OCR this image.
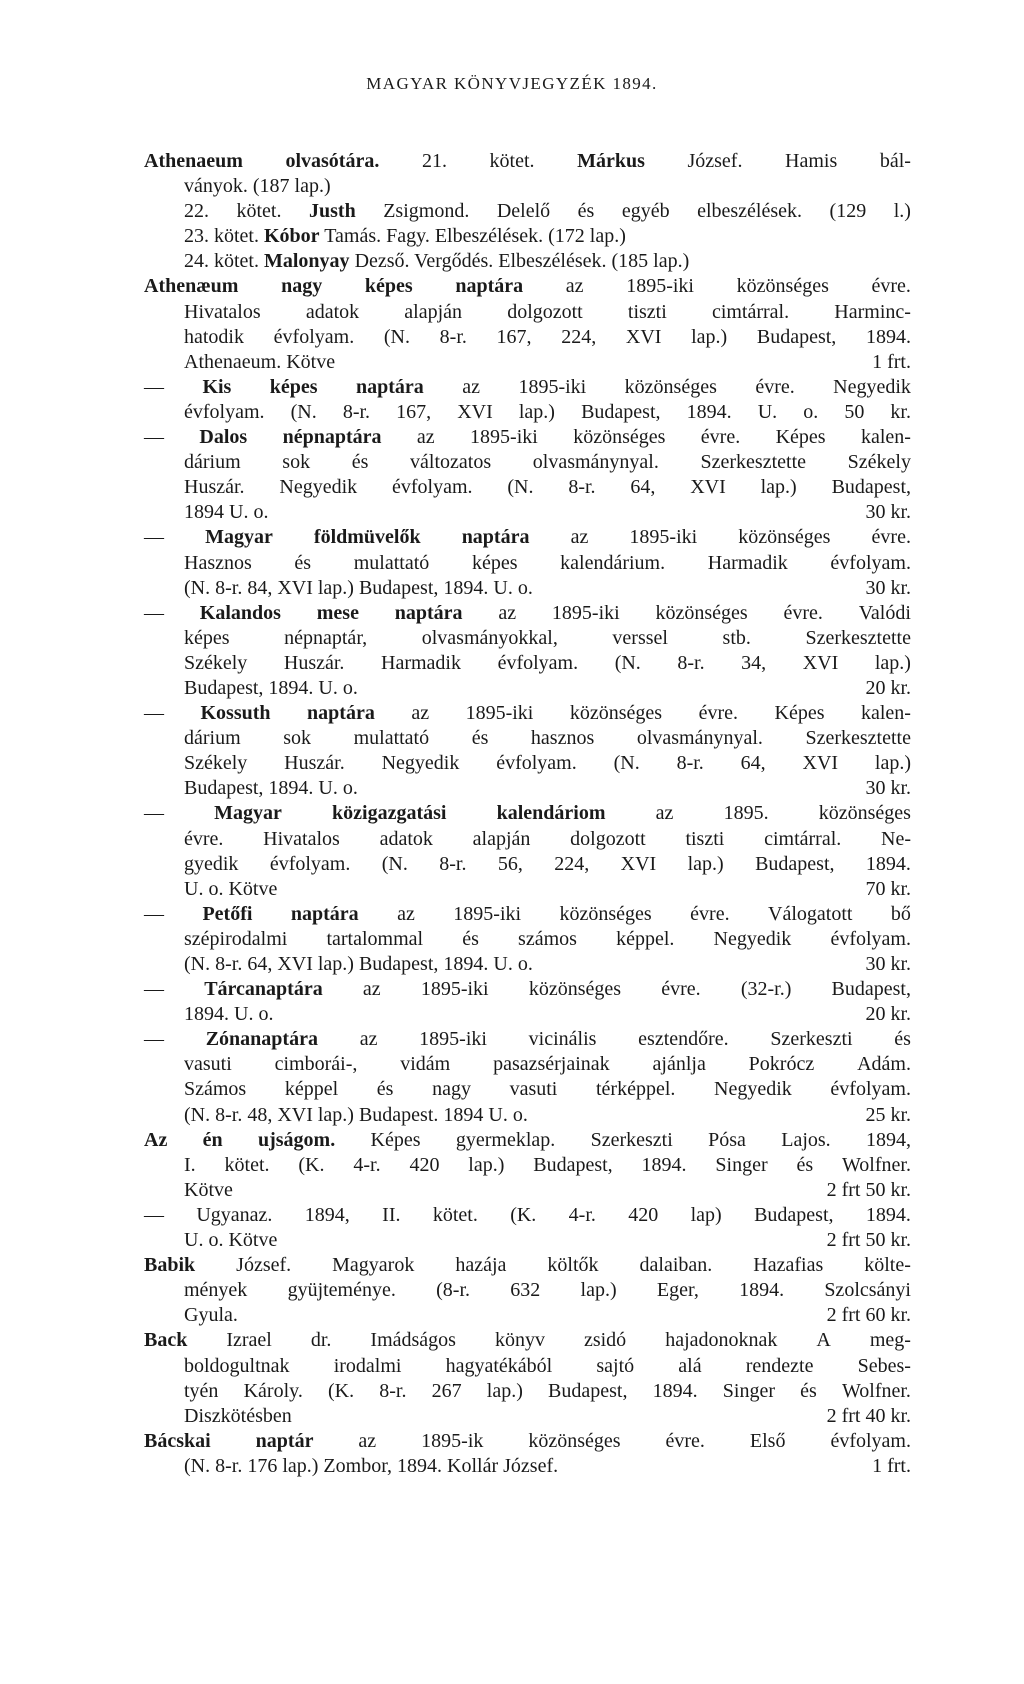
MAGYAR KÖNYVJEGYZÉK 1894.
Athenaeum olvasótára. 21. kötet. Márkus József. Hamis bál-
ványok. (187 lap.)
22. kötet. Justh Zsigmond. Delelő és egyéb elbeszélések. (129 l.)
23. kötet. Kóbor Tamás. Fagy. Elbeszélések. (172 lap.)
24. kötet. Malonyay Dezső. Vergődés. Elbeszélések. (185 lap.)
Athenæum nagy képes naptára az 1895-iki közönséges évre.
Hivatalos adatok alapján dolgozott tiszti cimtárral. Harminc-
hatodik évfolyam. (N. 8-r. 167, 224, XVI lap.) Budapest, 1894.
Athenaeum. Kötve	1 frt.
— Kis képes naptára az 1895-iki közönséges évre. Negyedik
évfolyam. (N. 8-r. 167, XVI lap.) Budapest, 1894. U. o. 50 kr.
— Dalos népnaptára az 1895-iki közönséges évre. Képes kalen-
dárium sok és változatos olvasmánynyal. Szerkesztette Székely
Huszár. Negyedik évfolyam. (N. 8-r. 64, XVI lap.) Budapest,
1894 U. o.	30 kr.
— Magyar földmüvelők naptára az 1895-iki közönséges évre.
Hasznos és mulattató képes kalendárium. Harmadik évfolyam.
(N. 8-r. 84, XVI lap.) Budapest, 1894. U. o.	30 kr.
— Kalandos mese naptára az 1895-iki közönséges évre. Valódi
képes	népnaptár,	olvasmányokkal,	verssel	stb.	Szerkesztette
Székely Huszár. Harmadik évfolyam. (N. 8-r. 34, XVI lap.)
Budapest, 1894. U. o.	20 kr.
— Kossuth naptára az 1895-iki közönséges évre. Képes kalen-
dárium sok mulattató és hasznos olvasmánynyal. Szerkesztette
Székely Huszár. Negyedik évfolyam. (N. 8-r. 64, XVI lap.)
Budapest, 1894. U. o.	30 kr.
—	Magyar	közigazgatási	kalendáriom	az	1895.	közönséges
évre. Hivatalos adatok alapján dolgozott tiszti cimtárral. Ne-
gyedik évfolyam. (N. 8-r. 56, 224, XVI lap.) Budapest, 1894.
U. o. Kötve	70 kr.
— Petőfi naptára az 1895-iki közönséges évre. Válogatott bő
szépirodalmi tartalommal és számos képpel. Negyedik évfolyam.
(N. 8-r. 64, XVI lap.) Budapest, 1894. U. o.	30 kr.
— Tárcanaptára az 1895-iki közönséges évre. (32-r.) Budapest,
1894. U. o.	20 kr.
— Zónanaptára az 1895-iki vicinális esztendőre. Szerkeszti és
vasuti cimborái-, vidám pasazsérjainak ajánlja Pokrócz Adám.
Számos képpel és nagy vasuti térképpel. Negyedik évfolyam.
(N. 8-r. 48, XVI lap.) Budapest. 1894 U. o.	25 kr.
Az én ujságom. Képes gyermeklap. Szerkeszti Pósa Lajos. 1894,
I. kötet. (K. 4-r. 420 lap.) Budapest, 1894. Singer és Wolfner.
Kötve	2 frt 50 kr.
— Ugyanaz. 1894, II. kötet. (K. 4-r. 420 lap) Budapest, 1894.
U. o. Kötve	2 frt 50 kr.
Babik József. Magyarok hazája költők dalaiban. Hazafias költe-
mények gyüjteménye. (8-r. 632 lap.) Eger, 1894. Szolcsányi
Gyula.	2 frt 60 kr.
Back Izrael dr. Imádságos könyv zsidó hajadonoknak A meg-
boldogultnak irodalmi hagyatékából sajtó alá rendezte Sebes-
tyén Károly. (K. 8-r. 267 lap.) Budapest, 1894. Singer és Wolfner.
Diszkötésben	2 frt 40 kr.
Bácskai naptár az 1895-ik közönséges évre. Első évfolyam.
(N. 8-r. 176 lap.) Zombor, 1894. Kollár József.	1 frt.
